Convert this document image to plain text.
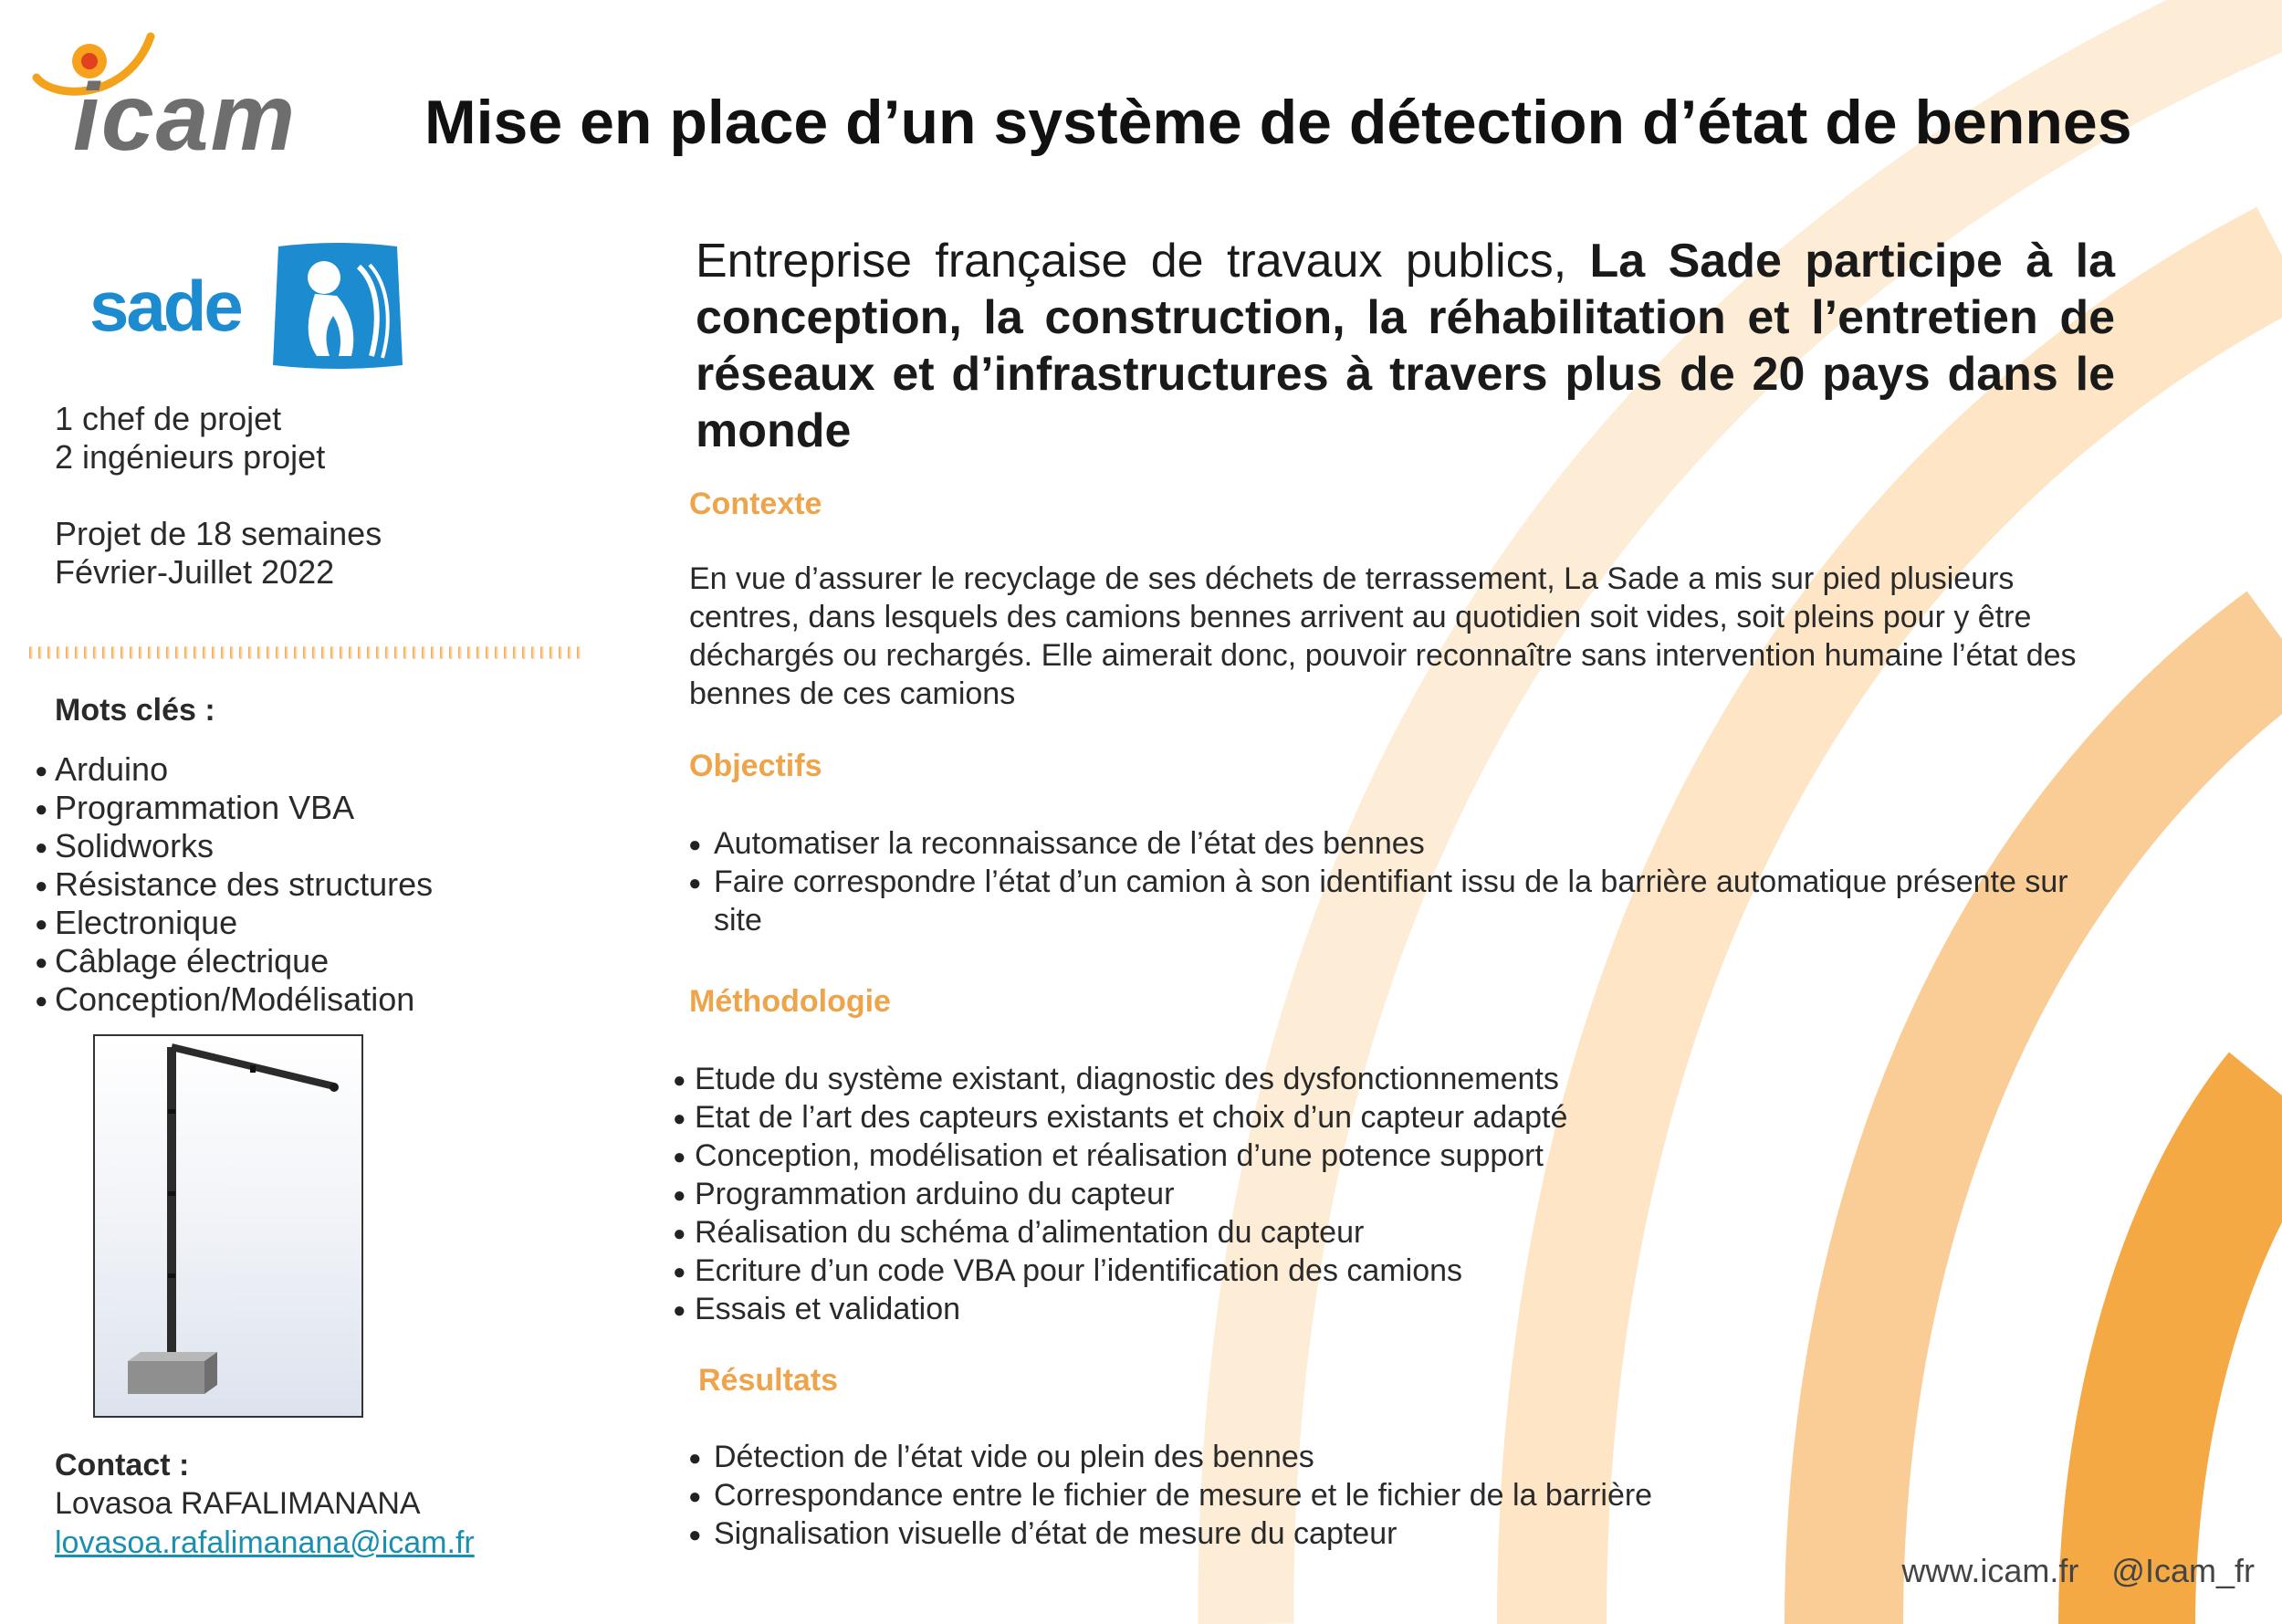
icam Mise en place d’un système de détection d’état de bennes
sade
Entreprise française de travaux publics, La Sade participe à la conception, la construction, la réhabilitation et l’entretien de réseaux et d’infrastructures à travers plus de 20 pays dans le monde
1 chef de projet
2 ingénieurs projet
Projet de 18 semaines
Février-Juillet 2022
Mots clés :
● Arduino
● Programmation VBA
● Solidworks
● Résistance des structures
● Electronique
● Câblage électrique
● Conception/Modélisation
Contact :
Lovasoa RAFALIMANANA
lovasoa.rafalimanana@icam.fr
Contexte
En vue d’assurer le recyclage de ses déchets de terrassement, La Sade a mis sur pied plusieurs centres, dans lesquels des camions bennes arrivent au quotidien soit vides, soit pleins pour y être déchargés ou rechargés. Elle aimerait donc, pouvoir reconnaître sans intervention humaine l’état des bennes de ces camions
Objectifs
● Automatiser la reconnaissance de l’état des bennes
● Faire correspondre l’état d’un camion à son identifiant issu de la barrière automatique présente sur site
Méthodologie
● Etude du système existant, diagnostic des dysfonctionnements
● Etat de l’art des capteurs existants et choix d’un capteur adapté
● Conception, modélisation et réalisation d’une potence support
● Programmation arduino du capteur
● Réalisation du schéma d’alimentation du capteur
● Ecriture d’un code VBA pour l’identification des camions
● Essais et validation
Résultats
● Détection de l’état vide ou plein des bennes
● Correspondance entre le fichier de mesure et le fichier de la barrière
● Signalisation visuelle d’état de mesure du capteur
www.icam.fr @Icam_fr
